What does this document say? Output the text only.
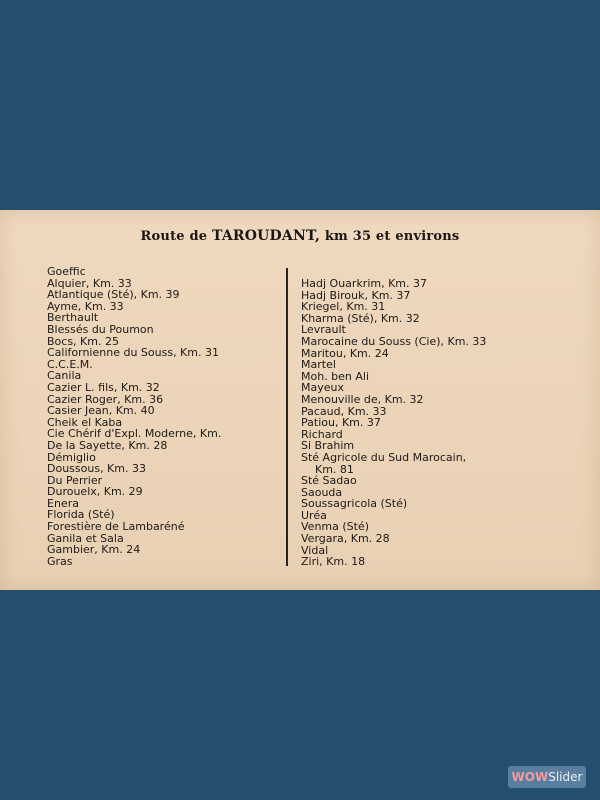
Route de TAROUDANT, km 35 et environs
Goeffic
Alquier, Km. 33
Atlantique (Sté), Km. 39
Ayme, Km. 33
Berthault
Blessés du Poumon
Bocs, Km. 25
Californienne du Souss, Km. 31
C.C.E.M.
Canila
Cazier L. fils, Km. 32
Cazier Roger, Km. 36
Casier Jean, Km. 40
Cheik el Kaba
Cie Chérif d'Expl. Moderne, Km.
De la Sayette, Km. 28
Démiglio
Doussous, Km. 33
Du Perrier
Durouelx, Km. 29
Enera
Florida (Sté)
Forestière de Lambaréné
Ganila et Sala
Gambier, Km. 24
Gras
Hadj Ouarkrim, Km. 37
Hadj Birouk, Km. 37
Kriegel, Km. 31
Kharma (Sté), Km. 32
Levrault
Marocaine du Souss (Cie), Km. 33
Maritou, Km. 24
Martel
Moh. ben Ali
Mayeux
Menouville de, Km. 32
Pacaud, Km. 33
Patiou, Km. 37
Richard
Si Brahim
Sté Agricole du Sud Marocain,
Km. 81
Sté Sadao
Saouda
Soussagricola (Sté)
Uréa
Venma (Sté)
Vergara, Km. 28
Vidal
Ziri, Km. 18
WOWSlider
